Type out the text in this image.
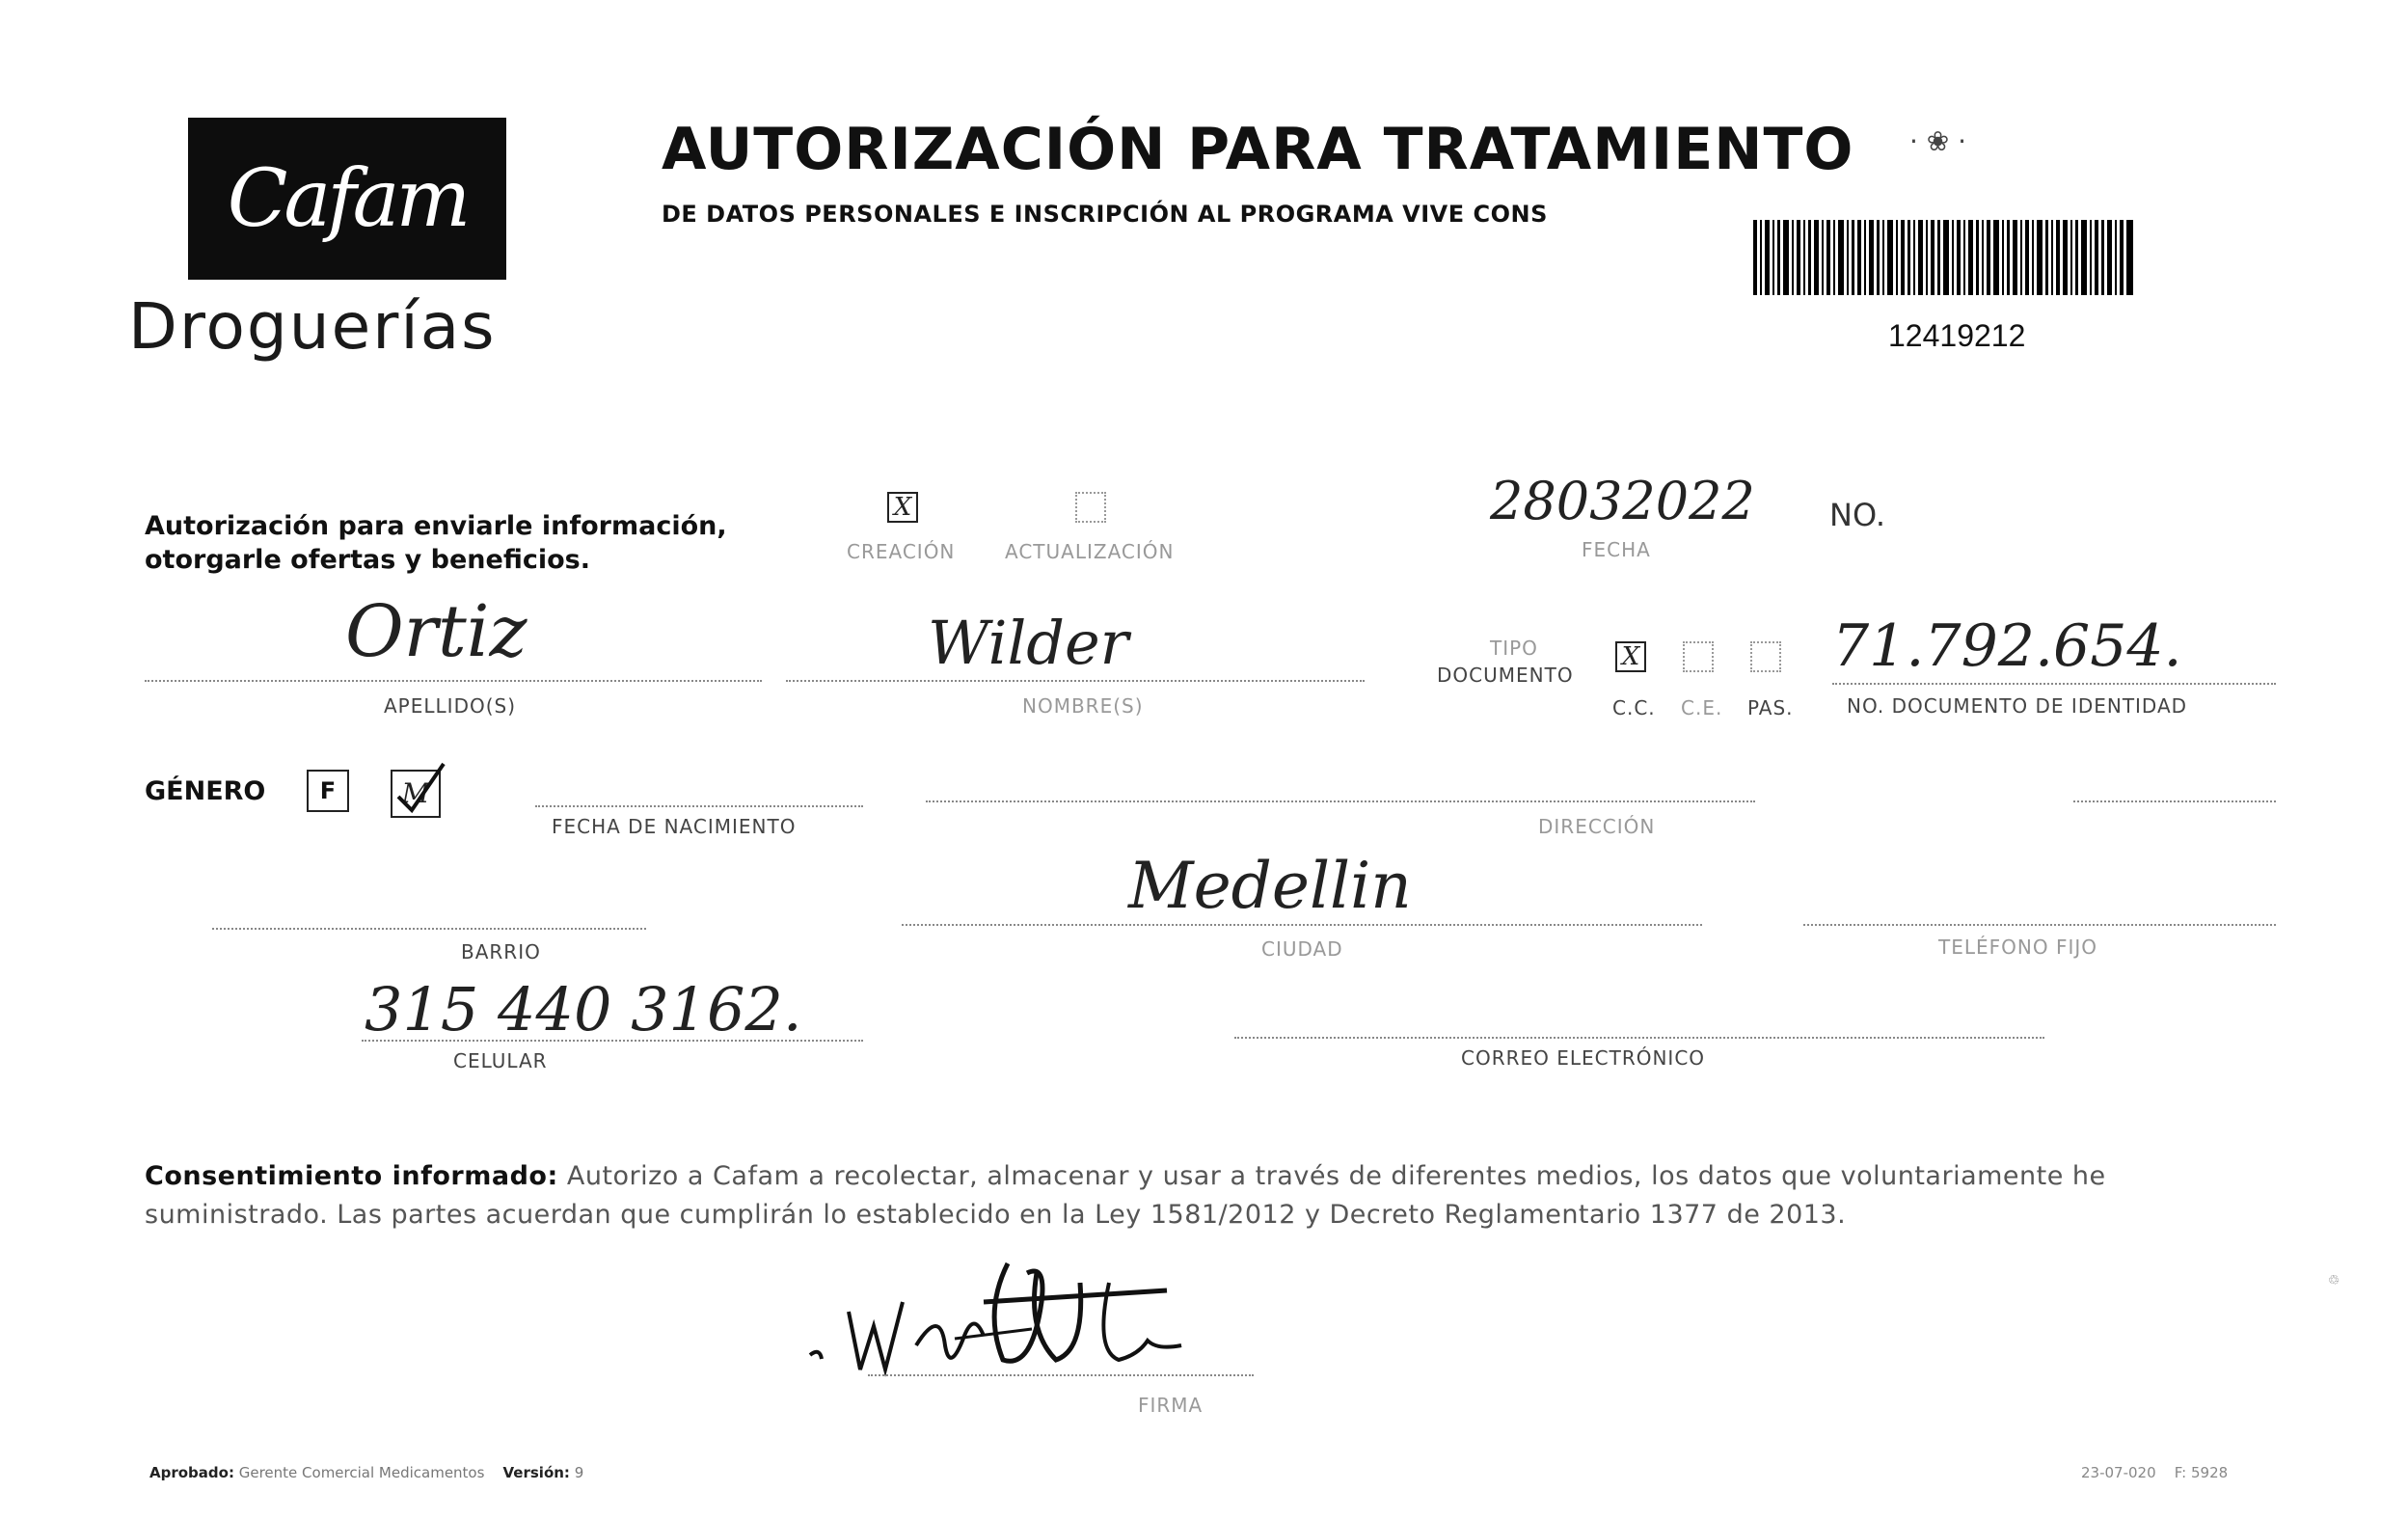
Cafam
Droguerías
AUTORIZACIÓN PARA TRATAMIENTO
DE DATOS PERSONALES E INSCRIPCIÓN AL PROGRAMA VIVE CONS
· ❀ ·
12419212
Autorización para enviarle información,
otorgarle ofertas y beneficios.
X
CREACIÓN	ACTUALIZACIÓN
28032022
FECHA
NO.
Ortiz
APELLIDO(S)
Wilder
NOMBRE(S)
TIPO
DOCUMENTO
X
C.C. C.E. PAS.
71.792.654.
NO. DOCUMENTO DE IDENTIDAD
GÉNERO	F	M
FECHA DE NACIMIENTO	DIRECCIÓN
BARRIO
Medellin
CIUDAD	TELÉFONO FIJO
315 440 3162.
CELULAR	CORREO ELECTRÓNICO
Consentimiento informado: Autorizo a Cafam a recolectar, almacenar y usar a través de diferentes medios, los datos que voluntariamente he suministrado. Las partes acuerdan que cumplirán lo establecido en la Ley 1581/2012 y Decreto Reglamentario 1377 de 2013.
FIRMA
Aprobado: Gerente Comercial Medicamentos Versión: 9	23-07-020 F: 5928
♲
